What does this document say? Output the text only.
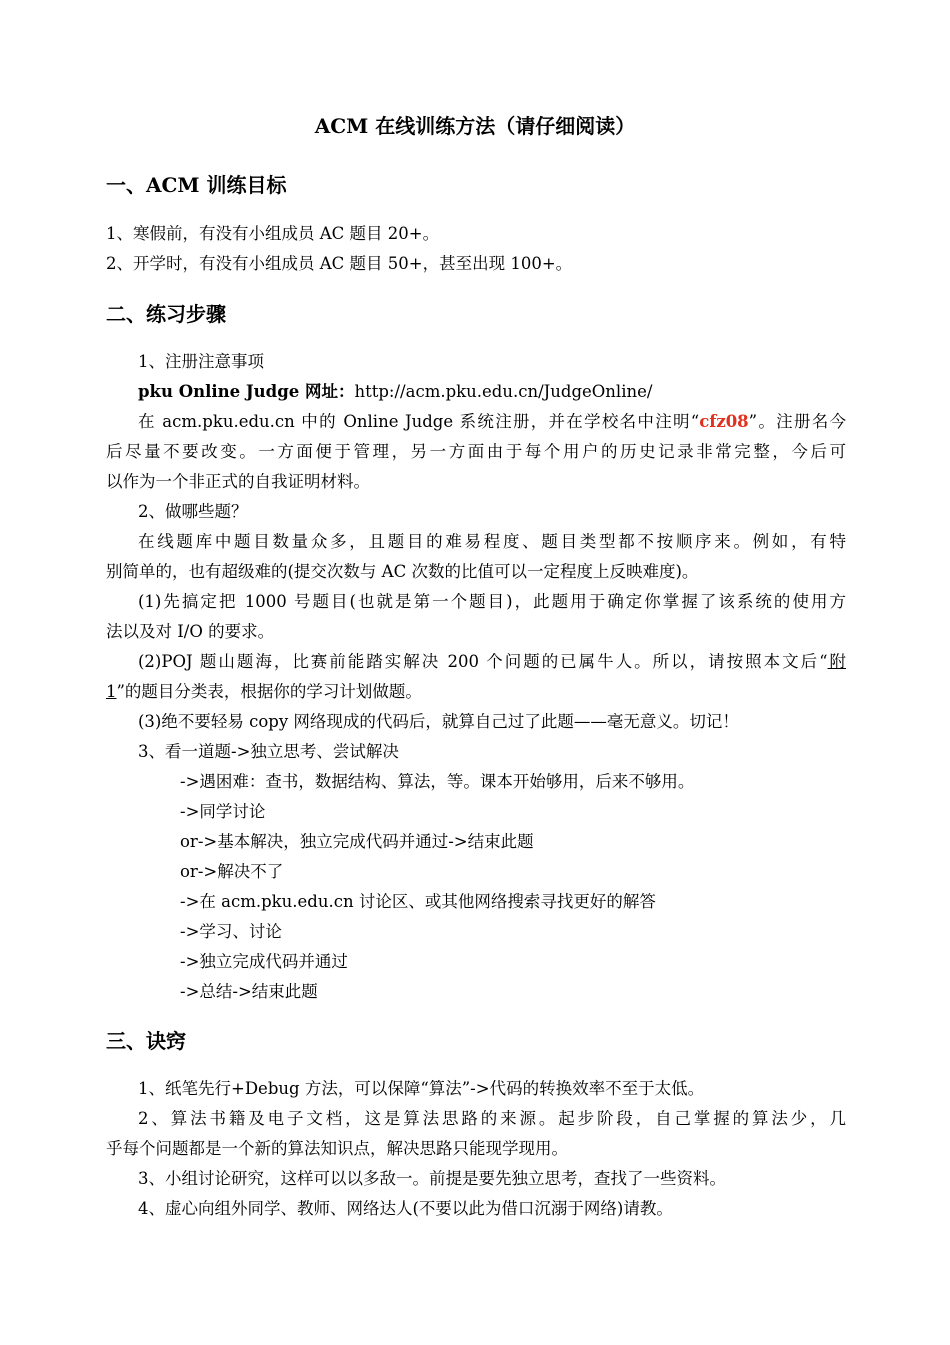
ACM 在线训练方法（请仔细阅读）
一、ACM 训练目标

1、寒假前，有没有小组成员 AC 题目 20+。

2、开学时，有没有小组成员 AC 题目 50+，甚至出现 100+。

二、练习步骤

1、注册注意事项

pku Online Judge 网址：http://acm.pku.edu.cn/JudgeOnline/

在 acm.pku.edu.cn 中的 Online Judge 系统注册，并在学校名中注明“cfz08”。注册名今

后尽量不要改变。一方面便于管理，另一方面由于每个用户的历史记录非常完整，今后可

以作为一个非正式的自我证明材料。

2、做哪些题？

在线题库中题目数量众多，且题目的难易程度、题目类型都不按顺序来。例如，有特

别简单的，也有超级难的(提交次数与 AC 次数的比值可以一定程度上反映难度)。

(1)先搞定把 1000 号题目(也就是第一个题目)，此题用于确定你掌握了该系统的使用方

法以及对 I/O 的要求。

(2)POJ 题山题海，比赛前能踏实解决 200 个问题的已属牛人。所以，请按照本文后“附

1”的题目分类表，根据你的学习计划做题。

(3)绝不要轻易 copy 网络现成的代码后，就算自己过了此题——毫无意义。切记！

3、看一道题->独立思考、尝试解决

->遇困难：查书，数据结构、算法，等。课本开始够用，后来不够用。

->同学讨论

or->基本解决，独立完成代码并通过->结束此题

or->解决不了

->在 acm.pku.edu.cn 讨论区、或其他网络搜索寻找更好的解答

->学习、讨论

->独立完成代码并通过

->总结->结束此题

三、诀窍

1、纸笔先行+Debug 方法，可以保障“算法”->代码的转换效率不至于太低。

2、算法书籍及电子文档，这是算法思路的来源。起步阶段，自己掌握的算法少，几

乎每个问题都是一个新的算法知识点，解决思路只能现学现用。

3、小组讨论研究，这样可以以多敌一。前提是要先独立思考，查找了一些资料。

4、虚心向组外同学、教师、网络达人(不要以此为借口沉溺于网络)请教。
